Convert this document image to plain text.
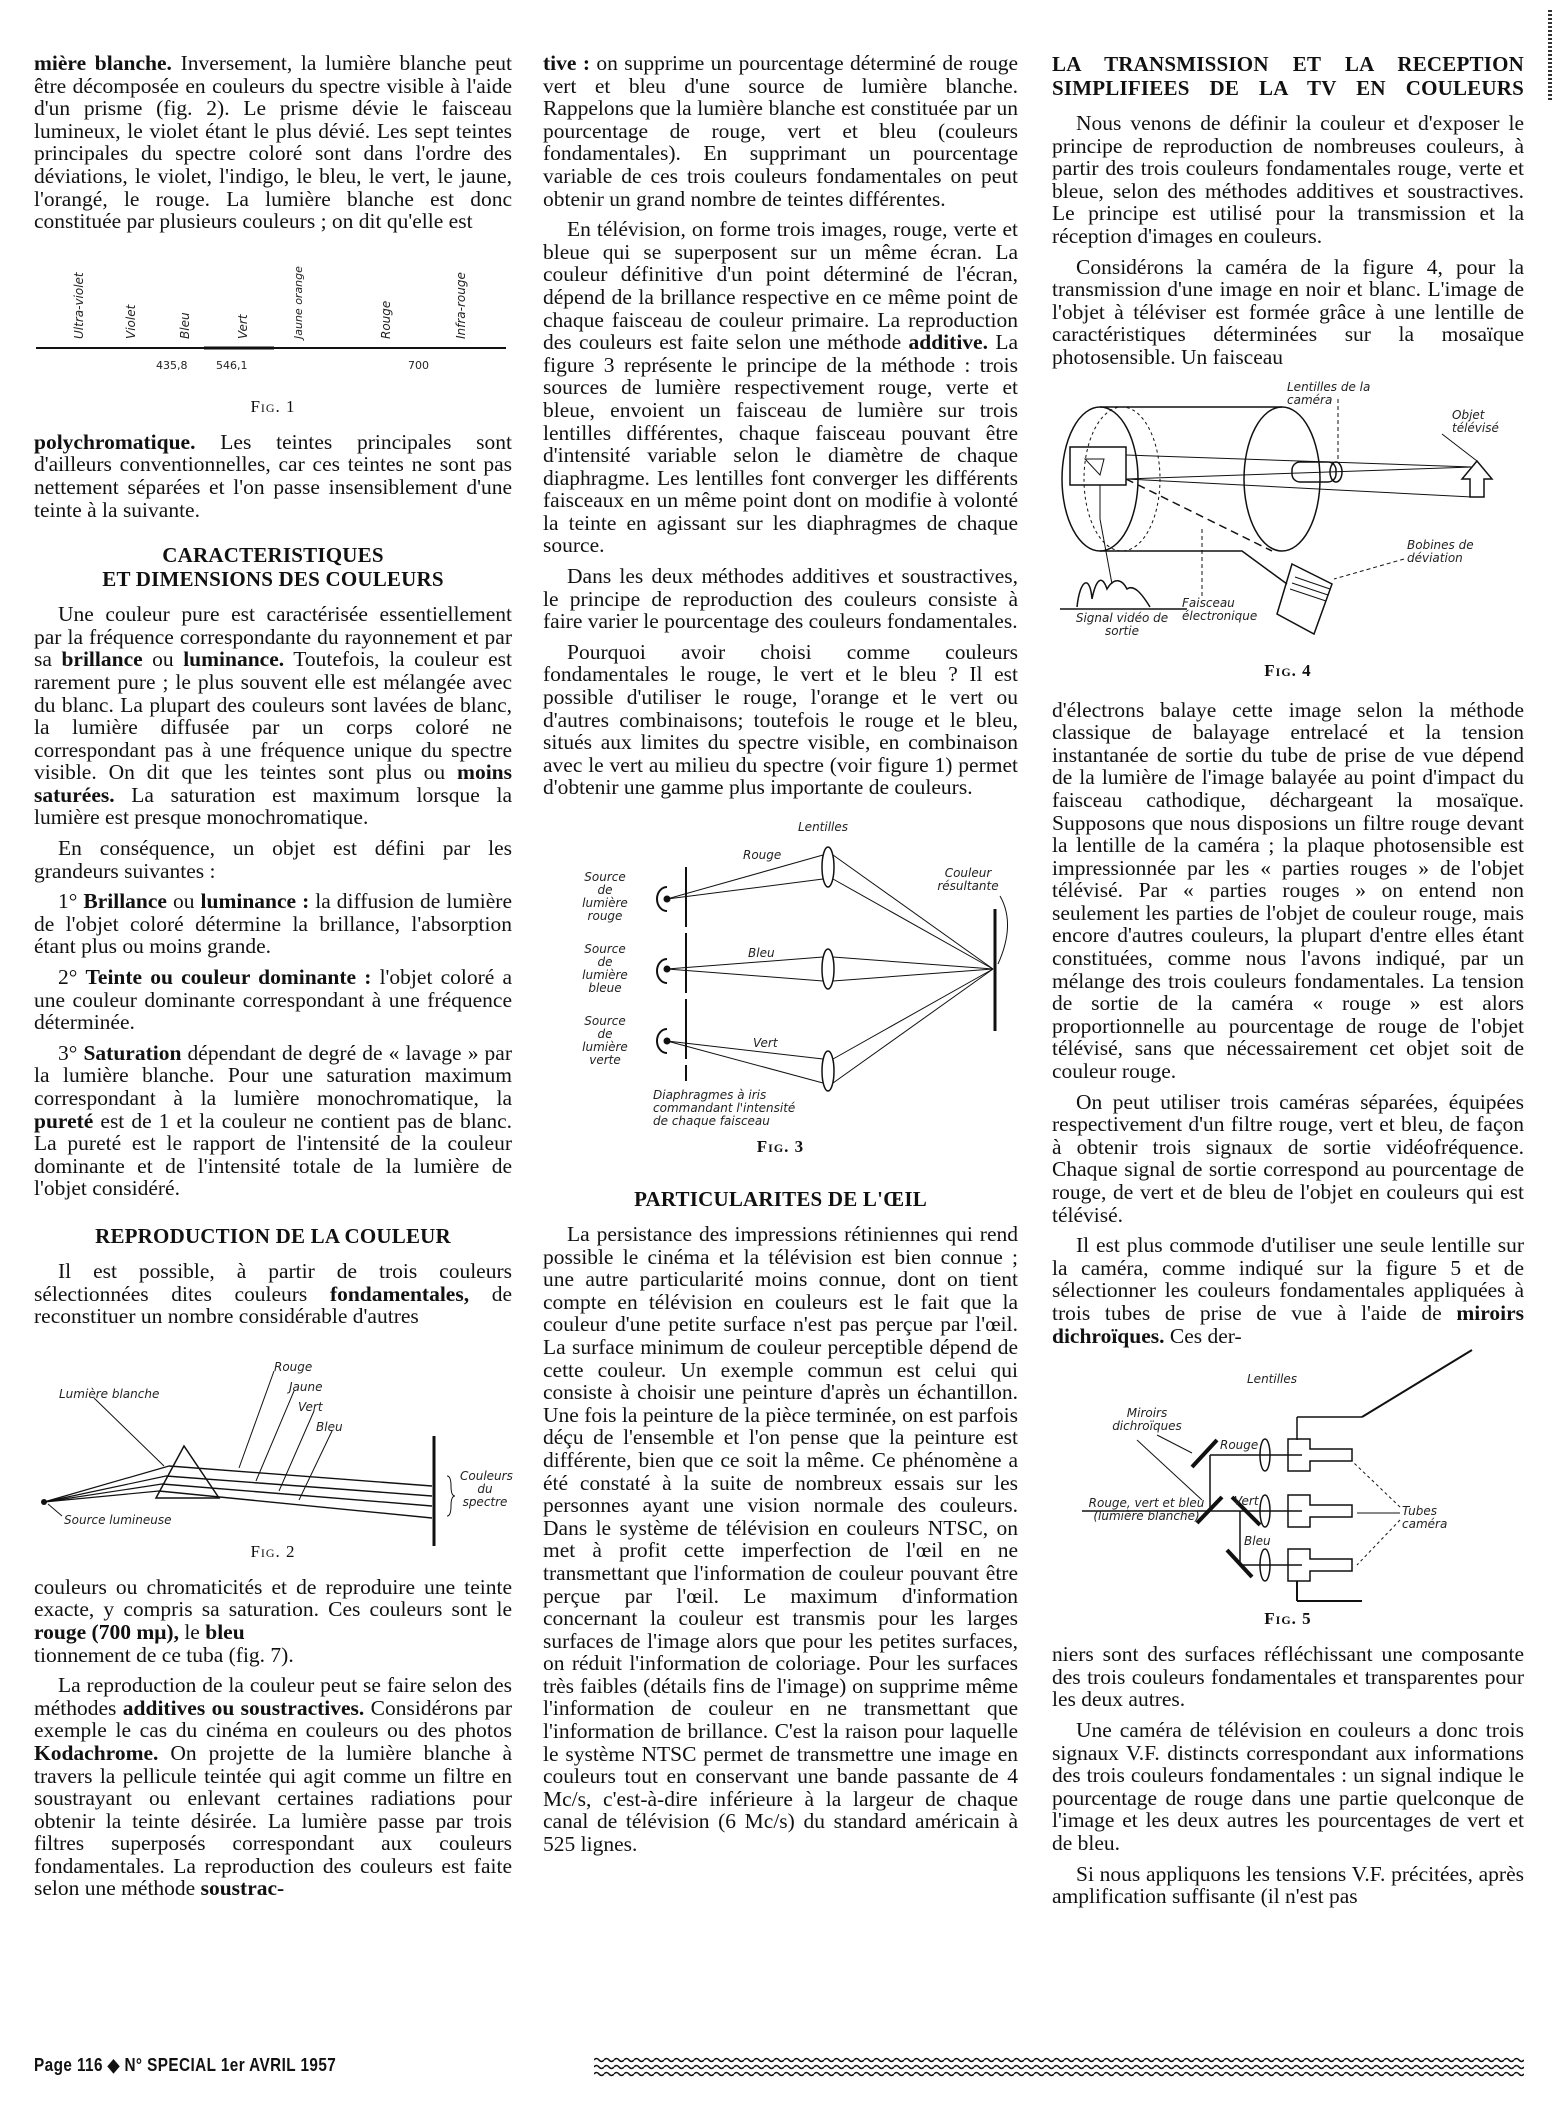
mière blanche. Inversement, la lumière blanche peut être décomposée en couleurs du spectre visible à l'aide d'un prisme (fig. 2). Le prisme dévie le faisceau lumineux, le violet étant le plus dévié. Les sept teintes principales du spectre coloré sont dans l'ordre des déviations, le violet, l'indigo, le bleu, le vert, le jaune, l'orangé, le rouge. La lumière blanche est donc constituée par plusieurs couleurs ; on dit qu'elle est

Ultra-violet	Violet	Bleu	Vert	Jaune orange	Rouge	Infra-rouge
435,8	546,1	700
Fig. 1

polychromatique. Les teintes principales sont d'ailleurs conventionnelles, car ces teintes ne sont pas nettement séparées et l'on passe insensiblement d'une teinte à la suivante.

CARACTERISTIQUES
ET DIMENSIONS DES COULEURS

Une couleur pure est caractérisée essentiellement par la fréquence correspondante du rayonnement et par sa brillance ou luminance. Toutefois, la couleur est rarement pure ; le plus souvent elle est mélangée avec du blanc. La plupart des couleurs sont lavées de blanc, la lumière diffusée par un corps coloré ne correspondant pas à une fréquence unique du spectre visible. On dit que les teintes sont plus ou moins saturées. La saturation est maximum lorsque la lumière est presque monochromatique.

En conséquence, un objet est défini par les grandeurs suivantes :

1° Brillance ou luminance : la diffusion de lumière de l'objet coloré détermine la brillance, l'absorption étant plus ou moins grande.

2° Teinte ou couleur dominante : l'objet coloré a une couleur dominante correspondant à une fréquence déterminée.

3° Saturation dépendant de degré de « lavage » par la lumière blanche. Pour une saturation maximum correspondant à la lumière monochromatique, la pureté est de 1 et la couleur ne contient pas de blanc. La pureté est le rapport de l'intensité de la couleur dominante et de l'intensité totale de la lumière de l'objet considéré.

REPRODUCTION DE LA COULEUR

Il est possible, à partir de trois couleurs sélectionnées dites couleurs fondamentales, de reconstituer un nombre considérable d'autres

Lumière blanche
Source lumineuse
Rouge
Jaune
Vert
Bleu
Couleurs du spectre
Fig. 2

couleurs ou chromaticités et de reproduire une teinte exacte, y compris sa saturation. Ces couleurs sont le rouge (700 mμ), le bleu
tionnement de ce tuba (fig. 7).

La reproduction de la couleur peut se faire selon des méthodes additives ou soustractives. Considérons par exemple le cas du cinéma en couleurs ou des photos Kodachrome. On projette de la lumière blanche à travers la pellicule teintée qui agit comme un filtre en soustrayant ou enlevant certaines radiations pour obtenir la teinte désirée. La lumière passe par trois filtres superposés correspondant aux couleurs fondamentales. La reproduction des couleurs est faite selon une méthode soustrac-

tive : on supprime un pourcentage déterminé de rouge vert et bleu d'une source de lumière blanche. Rappelons que la lumière blanche est constituée par un pourcentage de rouge, vert et bleu (couleurs fondamentales). En supprimant un pourcentage variable de ces trois couleurs fondamentales on peut obtenir un grand nombre de teintes différentes.

En télévision, on forme trois images, rouge, verte et bleue qui se superposent sur un même écran. La couleur définitive d'un point déterminé de l'écran, dépend de la brillance respective en ce même point de chaque faisceau de couleur primaire. La reproduction des couleurs est faite selon une méthode additive. La figure 3 représente le principe de la méthode : trois sources de lumière respectivement rouge, verte et bleue, envoient un faisceau de lumière sur trois lentilles différentes, chaque faisceau pouvant être d'intensité variable selon le diamètre de chaque diaphragme. Les lentilles font converger les différents faisceaux en un même point dont on modifie à volonté la teinte en agissant sur les diaphragmes de chaque source.

Dans les deux méthodes additives et soustractives, le principe de reproduction des couleurs consiste à faire varier le pourcentage des couleurs fondamentales.

Pourquoi avoir choisi comme couleurs fondamentales le rouge, le vert et le bleu ? Il est possible d'utiliser le rouge, l'orange et le vert ou d'autres combinaisons; toutefois le rouge et le bleu, situés aux limites du spectre visible, en combinaison avec le vert au milieu du spectre (voir figure 1) permet d'obtenir une gamme plus importante de couleurs.

Lentilles
Source de lumière rouge
Source de lumière bleue
Source de lumière verte
Rouge
Bleu
Vert
Couleur résultante
Diaphragmes à iris commandant l'intensité de chaque faisceau
Fig. 3
PARTICULARITES DE L'ŒIL

La persistance des impressions rétiniennes qui rend possible le cinéma et la télévision est bien connue ; une autre particularité moins connue, dont on tient compte en télévision en couleurs est le fait que la couleur d'une petite surface n'est pas perçue par l'œil. La surface minimum de couleur perceptible dépend de cette couleur. Un exemple commun est celui qui consiste à choisir une peinture d'après un échantillon. Une fois la peinture de la pièce terminée, on est parfois déçu de l'ensemble et l'on pense que la peinture est différente, bien que ce soit la même. Ce phénomène a été constaté à la suite de nombreux essais sur les personnes ayant une vision normale des couleurs. Dans le système de télévision en couleurs NTSC, on met à profit cette imperfection de l'œil en ne transmettant que l'information de couleur pouvant être perçue par l'œil. Le maximum d'information concernant la couleur est transmis pour les larges surfaces de l'image alors que pour les petites surfaces, on réduit l'information de coloriage. Pour les surfaces très faibles (détails fins de l'image) on supprime même l'information de couleur en ne transmettant que l'information de brillance. C'est la raison pour laquelle le système NTSC permet de transmettre une image en couleurs tout en conservant une bande passante de 4 Mc/s, c'est-à-dire inférieure à la largeur de chaque canal de télévision (6 Mc/s) du standard américain à 525 lignes.

LA TRANSMISSION ET LA RECEPTION
SIMPLIFIEES DE LA TV EN COULEURS

Nous venons de définir la couleur et d'exposer le principe de reproduction de nombreuses couleurs, à partir des trois couleurs fondamentales rouge, verte et bleue, selon des méthodes additives et soustractives. Le principe est utilisé pour la transmission et la réception d'images en couleurs.

Considérons la caméra de la figure 4, pour la transmission d'une image en noir et blanc. L'image de l'objet à téléviser est formée grâce à une lentille de caractéristiques déterminées sur la mosaïque photosensible. Un faisceau

Lentilles de la caméra
Objet télévisé
Bobines de déviation
Faisceau électronique
Signal vidéo de sortie
Fig. 4

d'électrons balaye cette image selon la méthode classique de balayage entrelacé et la tension instantanée de sortie du tube de prise de vue dépend de la lumière de l'image balayée au point d'impact du faisceau cathodique, déchargeant la mosaïque. Supposons que nous disposions un filtre rouge devant la lentille de la caméra ; la plaque photosensible est impressionnée par les « parties rouges » de l'objet télévisé. Par « parties rouges » on entend non seulement les parties de l'objet de couleur rouge, mais encore d'autres couleurs, la plupart d'entre elles étant constituées, comme nous l'avons indiqué, par un mélange des trois couleurs fondamentales. La tension de sortie de la caméra « rouge » est alors proportionnelle au pourcentage de rouge de l'objet télévisé, sans que nécessairement cet objet soit de couleur rouge.

On peut utiliser trois caméras séparées, équipées respectivement d'un filtre rouge, vert et bleu, de façon à obtenir trois signaux de sortie vidéofréquence. Chaque signal de sortie correspond au pourcentage de rouge, de vert et de bleu de l'objet en couleurs qui est télévisé.

Il est plus commode d'utiliser une seule lentille sur la caméra, comme indiqué sur la figure 5 et de sélectionner les couleurs fondamentales appliquées à trois tubes de prise de vue à l'aide de miroirs dichroïques. Ces der-

Lentilles
Miroirs dichroïques
Rouge
Vert
Bleu
Rouge, vert et bleu (lumière blanche)	Tubes caméra
Fig. 5

niers sont des surfaces réfléchissant une composante des trois couleurs fondamentales et transparentes pour les deux autres.

Une caméra de télévision en couleurs a donc trois signaux V.F. distincts correspondant aux informations des trois couleurs fondamentales : un signal indique le pourcentage de rouge dans une partie quelconque de l'image et les deux autres les pourcentages de vert et de bleu.

Si nous appliquons les tensions V.F. précitées, après amplification suffisante (il n'est pas

Page 116 ◆ N° SPECIAL 1er AVRIL 1957
